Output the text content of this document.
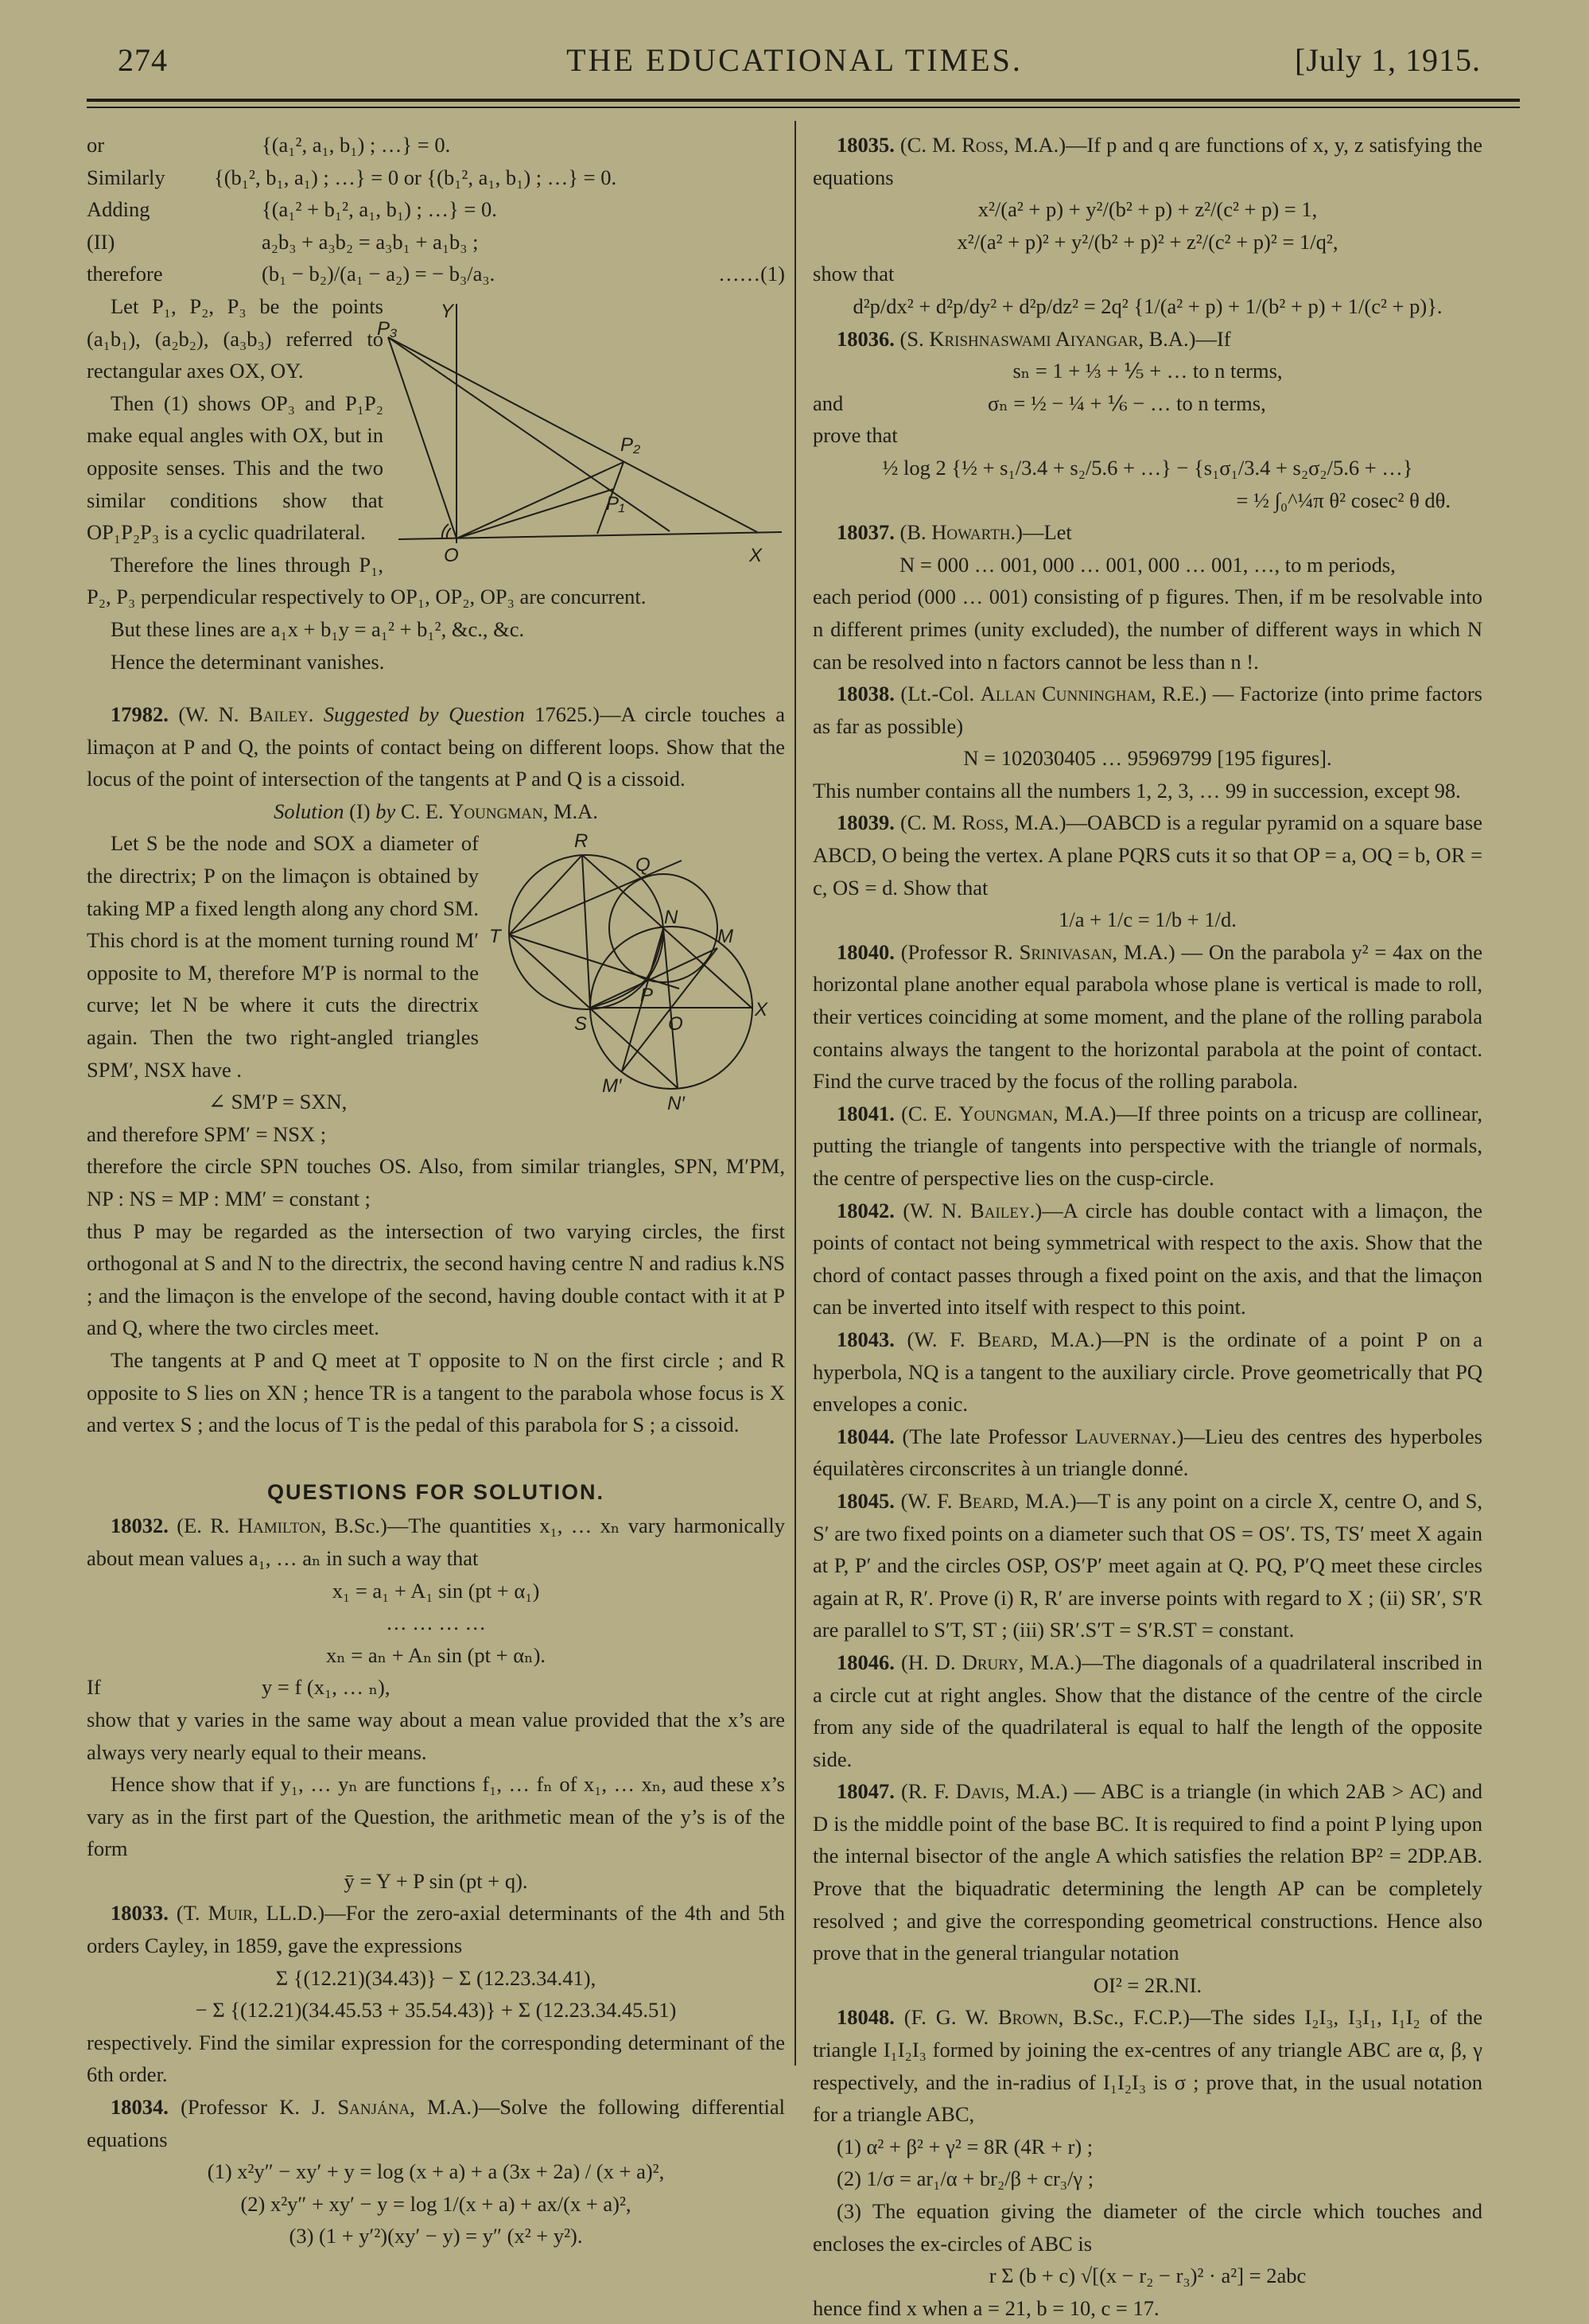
274	THE EDUCATIONAL TIMES.	[July 1, 1915.
or	{(a₁², a₁, b₁) ; …} = 0.
Similarly	{(b₁², b₁, a₁) ; …} = 0 or {(b₁², a₁, b₁) ; …} = 0.
Adding	{(a₁² + b₁², a₁, b₁) ; …} = 0.
(II)	a₂b₃ + a₃b₂ = a₃b₁ + a₁b₃ ;
therefore	(b₁ − b₂)/(a₁ − a₂) = − b₃/a₃.	……(1)
P₃
Y
P₂
P₁
O	X

Let P₁, P₂, P₃ be the points (a₁b₁), (a₂b₂), (a₃b₃) referred to rectangular axes OX, OY.

Then (1) shows OP₃ and P₁P₂ make equal angles with OX, but in opposite senses. This and the two similar conditions show that OP₁P₂P₃ is a cyclic quadrilateral.

Therefore the lines through P₁, P₂, P₃ perpendicular respectively to OP₁, OP₂, OP₃ are concurrent.

But these lines are a₁x + b₁y = a₁² + b₁², &c., &c.

Hence the determinant vanishes.

17982. (W. N. Bailey. Suggested by Question 17625.)—A circle touches a limaçon at P and Q, the points of contact being on different loops. Show that the locus of the point of intersection of the tangents at P and Q is a cissoid.

Solution (I) by C. E. Youngman, M.A.

R
Q
T
N
M
P
S	O
X
M′
N′

Let S be the node and SOX a diameter of the directrix; P on the limaçon is obtained by taking MP a fixed length along any chord SM. This chord is at the moment turning round M′ opposite to M, therefore M′P is normal to the curve; let N be where it cuts the directrix again. Then the two right-angled triangles SPM′, NSX have .

∠ SM′P = SXN,

and therefore SPM′ = NSX ;

therefore the circle SPN touches OS. Also, from similar triangles, SPN, M′PM, NP : NS = MP : MM′ = constant ;

thus P may be regarded as the intersection of two varying circles, the first orthogonal at S and N to the directrix, the second having centre N and radius k.NS ; and the limaçon is the envelope of the second, having double contact with it at P and Q, where the two circles meet.

The tangents at P and Q meet at T opposite to N on the first circle ; and R opposite to S lies on XN ; hence TR is a tangent to the parabola whose focus is X and vertex S ; and the locus of T is the pedal of this parabola for S ; a cissoid.

QUESTIONS FOR SOLUTION.

18032. (E. R. Hamilton, B.Sc.)—The quantities x₁, … xₙ vary harmonically about mean values a₁, … aₙ in such a way that

x₁ = a₁ + A₁ sin (pt + α₁)

… … … …

xₙ = aₙ + Aₙ sin (pt + αₙ).

If	y = f (x₁, … ₙ),

show that y varies in the same way about a mean value provided that the x’s are always very nearly equal to their means.

Hence show that if y₁, … yₙ are functions f₁, … fₙ of x₁, … xₙ, aud these x’s vary as in the first part of the Question, the arithmetic mean of the y’s is of the form

ȳ = Y + P sin (pt + q).

18033. (T. Muir, LL.D.)—For the zero-axial determinants of the 4th and 5th orders Cayley, in 1859, gave the expressions

Σ {(12.21)(34.43)} − Σ (12.23.34.41),

− Σ {(12.21)(34.45.53 + 35.54.43)} + Σ (12.23.34.45.51)

respectively. Find the similar expression for the corresponding determinant of the 6th order.

18034. (Professor K. J. Sanjána, M.A.)—Solve the following differential equations

(1) x²y″ − xy′ + y = log (x + a) + a (3x + 2a) / (x + a)²,

(2) x²y″ + xy′ − y = log 1/(x + a) + ax/(x + a)²,

(3) (1 + y′²)(xy′ − y) = y″ (x² + y²).

18035. (C. M. Ross, M.A.)—If p and q are functions of x, y, z satisfying the equations

x²/(a² + p) + y²/(b² + p) + z²/(c² + p) = 1,

x²/(a² + p)² + y²/(b² + p)² + z²/(c² + p)² = 1/q²,

show that

d²p/dx² + d²p/dy² + d²p/dz² = 2q² {1/(a² + p) + 1/(b² + p) + 1/(c² + p)}.

18036. (S. Krishnaswami Aiyangar, B.A.)—If

sₙ = 1 + ⅓ + ⅕ + … to n terms,

and	σₙ = ½ − ¼ + ⅙ − … to n terms,

prove that

½ log 2 {½ + s₁/3.4 + s₂/5.6 + …} − {s₁σ₁/3.4 + s₂σ₂/5.6 + …}

= ½ ∫₀^¼π θ² cosec² θ dθ.

18037. (B. Howarth.)—Let

N = 000 … 001, 000 … 001, 000 … 001, …, to m periods,

each period (000 … 001) consisting of p figures. Then, if m be resolvable into n different primes (unity excluded), the number of different ways in which N can be resolved into n factors cannot be less than n !.

18038. (Lt.-Col. Allan Cunningham, R.E.) — Factorize (into prime factors as far as possible)

N = 102030405 … 95969799 [195 figures].

This number contains all the numbers 1, 2, 3, … 99 in succession, except 98.

18039. (C. M. Ross, M.A.)—OABCD is a regular pyramid on a square base ABCD, O being the vertex. A plane PQRS cuts it so that OP = a, OQ = b, OR = c, OS = d. Show that

1/a + 1/c = 1/b + 1/d.

18040. (Professor R. Srinivasan, M.A.) — On the parabola y² = 4ax on the horizontal plane another equal parabola whose plane is vertical is made to roll, their vertices coinciding at some moment, and the plane of the rolling parabola contains always the tangent to the horizontal parabola at the point of contact. Find the curve traced by the focus of the rolling parabola.

18041. (C. E. Youngman, M.A.)—If three points on a tricusp are collinear, putting the triangle of tangents into perspective with the triangle of normals, the centre of perspective lies on the cusp-circle.

18042. (W. N. Bailey.)—A circle has double contact with a limaçon, the points of contact not being symmetrical with respect to the axis. Show that the chord of contact passes through a fixed point on the axis, and that the limaçon can be inverted into itself with respect to this point.

18043. (W. F. Beard, M.A.)—PN is the ordinate of a point P on a hyperbola, NQ is a tangent to the auxiliary circle. Prove geometrically that PQ envelopes a conic.

18044. (The late Professor Lauvernay.)—Lieu des centres des hyperboles équilatères circonscrites à un triangle donné.

18045. (W. F. Beard, M.A.)—T is any point on a circle X, centre O, and S, S′ are two fixed points on a diameter such that OS = OS′. TS, TS′ meet X again at P, P′ and the circles OSP, OS′P′ meet again at Q. PQ, P′Q meet these circles again at R, R′. Prove (i) R, R′ are inverse points with regard to X ; (ii) SR′, S′R are parallel to S′T, ST ; (iii) SR′.S′T = S′R.ST = constant.

18046. (H. D. Drury, M.A.)—The diagonals of a quadrilateral inscribed in a circle cut at right angles. Show that the distance of the centre of the circle from any side of the quadrilateral is equal to half the length of the opposite side.

18047. (R. F. Davis, M.A.) — ABC is a triangle (in which 2AB > AC) and D is the middle point of the base BC. It is required to find a point P lying upon the internal bisector of the angle A which satisfies the relation BP² = 2DP.AB. Prove that the biquadratic determining the length AP can be completely resolved ; and give the corresponding geometrical constructions. Hence also prove that in the general triangular notation

OI² = 2R.NI.

18048. (F. G. W. Brown, B.Sc., F.C.P.)—The sides I₂I₃, I₃I₁, I₁I₂ of the triangle I₁I₂I₃ formed by joining the ex-centres of any triangle ABC are α, β, γ respectively, and the in-radius of I₁I₂I₃ is σ ; prove that, in the usual notation for a triangle ABC,

(1) α² + β² + γ² = 8R (4R + r) ;

(2) 1/σ = ar₁/α + br₂/β + cr₃/γ ;

(3) The equation giving the diameter of the circle which touches and encloses the ex-circles of ABC is

r Σ (b + c) √[(x − r₂ − r₃)² · a²] = 2abc

hence find x when a = 21, b = 10, c = 17.
